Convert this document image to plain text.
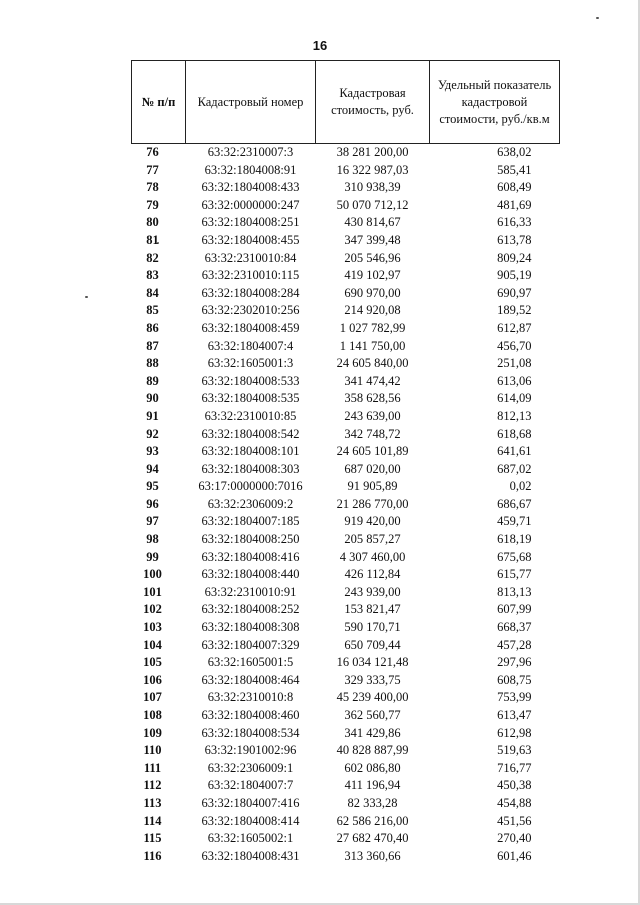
16
№ п/п	Кадастровый номер	Кадастровая стоимость, руб.	Удельный показатель кадастровой стоимости, руб./кв.м
76	63:32:2310007:3	38 281 200,00	638,02
77	63:32:1804008:91	16 322 987,03	585,41
78	63:32:1804008:433	310 938,39	608,49
79	63:32:0000000:247	50 070 712,12	481,69
80	63:32:1804008:251	430 814,67	616,33
81	63:32:1804008:455	347 399,48	613,78
82	63:32:2310010:84	205 546,96	809,24
83	63:32:2310010:115	419 102,97	905,19
84	63:32:1804008:284	690 970,00	690,97
85	63:32:2302010:256	214 920,08	189,52
86	63:32:1804008:459	1 027 782,99	612,87
87	63:32:1804007:4	1 141 750,00	456,70
88	63:32:1605001:3	24 605 840,00	251,08
89	63:32:1804008:533	341 474,42	613,06
90	63:32:1804008:535	358 628,56	614,09
91	63:32:2310010:85	243 639,00	812,13
92	63:32:1804008:542	342 748,72	618,68
93	63:32:1804008:101	24 605 101,89	641,61
94	63:32:1804008:303	687 020,00	687,02
95	63:17:0000000:7016	91 905,89	0,02
96	63:32:2306009:2	21 286 770,00	686,67
97	63:32:1804007:185	919 420,00	459,71
98	63:32:1804008:250	205 857,27	618,19
99	63:32:1804008:416	4 307 460,00	675,68
100	63:32:1804008:440	426 112,84	615,77
101	63:32:2310010:91	243 939,00	813,13
102	63:32:1804008:252	153 821,47	607,99
103	63:32:1804008:308	590 170,71	668,37
104	63:32:1804007:329	650 709,44	457,28
105	63:32:1605001:5	16 034 121,48	297,96
106	63:32:1804008:464	329 333,75	608,75
107	63:32:2310010:8	45 239 400,00	753,99
108	63:32:1804008:460	362 560,77	613,47
109	63:32:1804008:534	341 429,86	612,98
110	63:32:1901002:96	40 828 887,99	519,63
111	63:32:2306009:1	602 086,80	716,77
112	63:32:1804007:7	411 196,94	450,38
113	63:32:1804007:416	82 333,28	454,88
114	63:32:1804008:414	62 586 216,00	451,56
115	63:32:1605002:1	27 682 470,40	270,40
116	63:32:1804008:431	313 360,66	601,46
